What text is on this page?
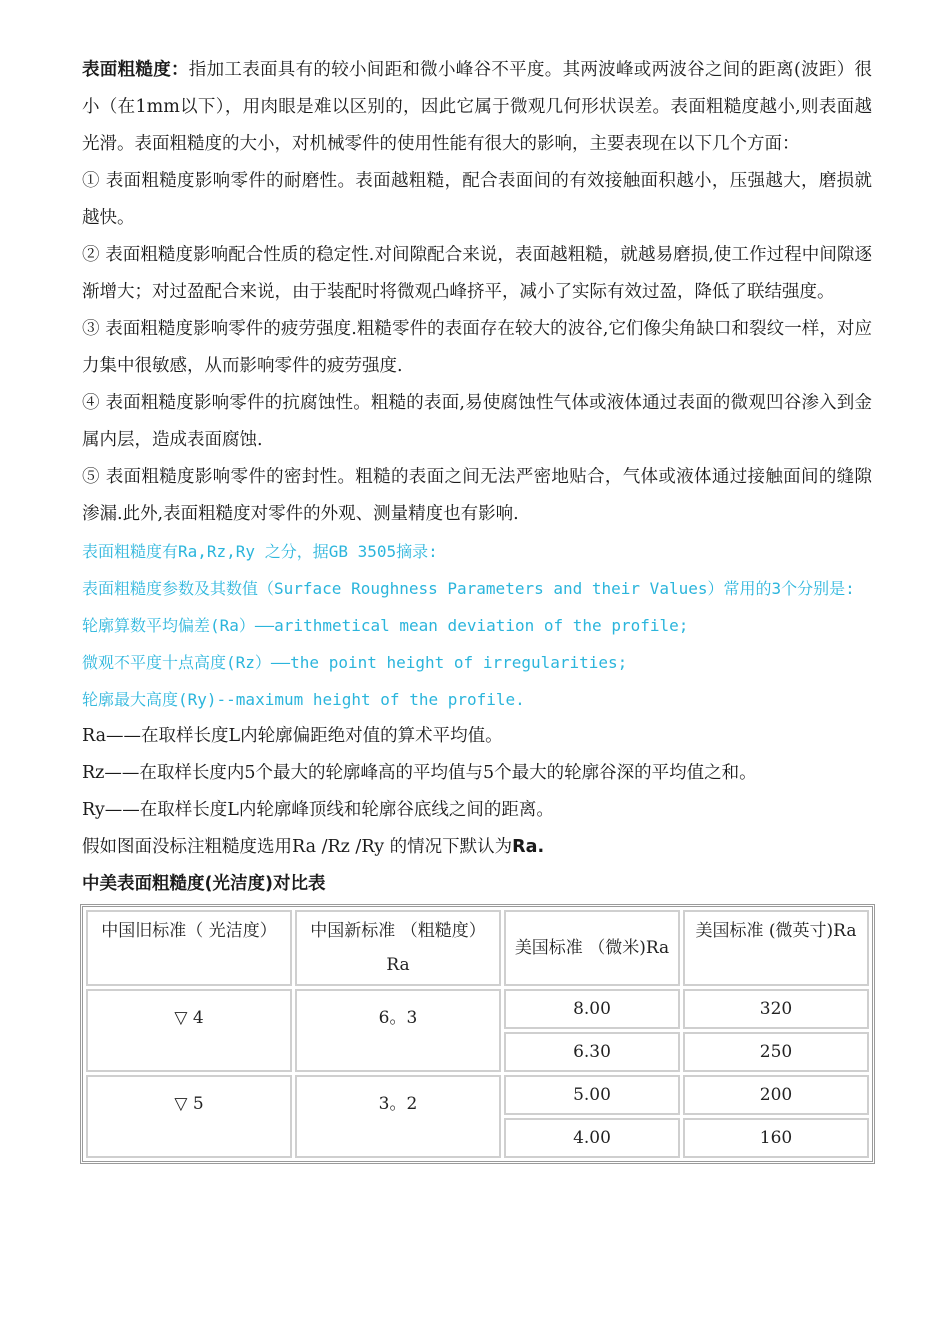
表面粗糙度：指加工表面具有的较小间距和微小峰谷不平度。其两波峰或两波谷之间的距离(波距）很小（在1mm以下），用肉眼是难以区别的，因此它属于微观几何形状误差。表面粗糙度越小,则表面越光滑。表面粗糙度的大小，对机械零件的使用性能有很大的影响，主要表现在以下几个方面：

① 表面粗糙度影响零件的耐磨性。表面越粗糙，配合表面间的有效接触面积越小，压强越大，磨损就越快。

② 表面粗糙度影响配合性质的稳定性.对间隙配合来说，表面越粗糙，就越易磨损,使工作过程中间隙逐渐增大；对过盈配合来说，由于装配时将微观凸峰挤平，减小了实际有效过盈，降低了联结强度。

③ 表面粗糙度影响零件的疲劳强度.粗糙零件的表面存在较大的波谷,它们像尖角缺口和裂纹一样，对应力集中很敏感，从而影响零件的疲劳强度.

④ 表面粗糙度影响零件的抗腐蚀性。粗糙的表面,易使腐蚀性气体或液体通过表面的微观凹谷渗入到金属内层，造成表面腐蚀.

⑤ 表面粗糙度影响零件的密封性。粗糙的表面之间无法严密地贴合，气体或液体通过接触面间的缝隙渗漏.此外,表面粗糙度对零件的外观、测量精度也有影响.

表面粗糙度有Ra,Rz,Ry 之分，据GB 3505摘录:

表面粗糙度参数及其数值（Surface Roughness Parameters and their Values）常用的3个分别是:

轮廓算数平均偏差(Ra）——arithmetical mean deviation of the profile;

微观不平度十点高度(Rz）——the point height of irregularities;

轮廓最大高度(Ry)--maximum height of the profile.

Ra——在取样长度L内轮廓偏距绝对值的算术平均值。

Rz——在取样长度内5个最大的轮廓峰高的平均值与5个最大的轮廓谷深的平均值之和。

Ry——在取样长度L内轮廓峰顶线和轮廓谷底线之间的距离。

假如图面没标注粗糙度选用Ra /Rz /Ry 的情况下默认为Ra.

中美表面粗糙度(光洁度)对比表
中国旧标准（ 光洁度）	中国新标准 （粗糙度）Ra	美国标准 （微米)Ra	美国标准 (微英寸)Ra
▽ 4	6。3	8.00	320
		6.30	250
▽ 5	3。2	5.00	200
		4.00	160
